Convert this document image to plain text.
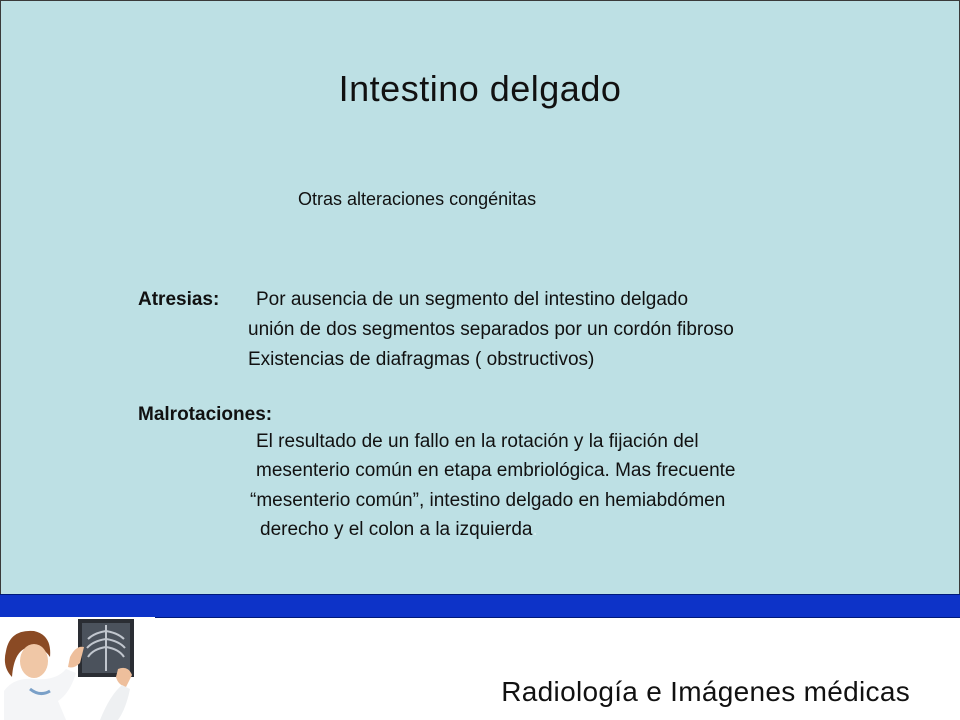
Intestino delgado
Otras alteraciones congénitas
Atresias: Por ausencia de un segmento del intestino delgado
unión de dos segmentos separados por un cordón fibroso
Existencias de diafragmas ( obstructivos)
Malrotaciones:
El resultado de un fallo en la rotación y la fijación del
mesenterio común en etapa embriológica. Mas frecuente
“mesenterio común”, intestino delgado en hemiabdómen
derecho y el colon a la izquierda.
Radiología e Imágenes médicas
